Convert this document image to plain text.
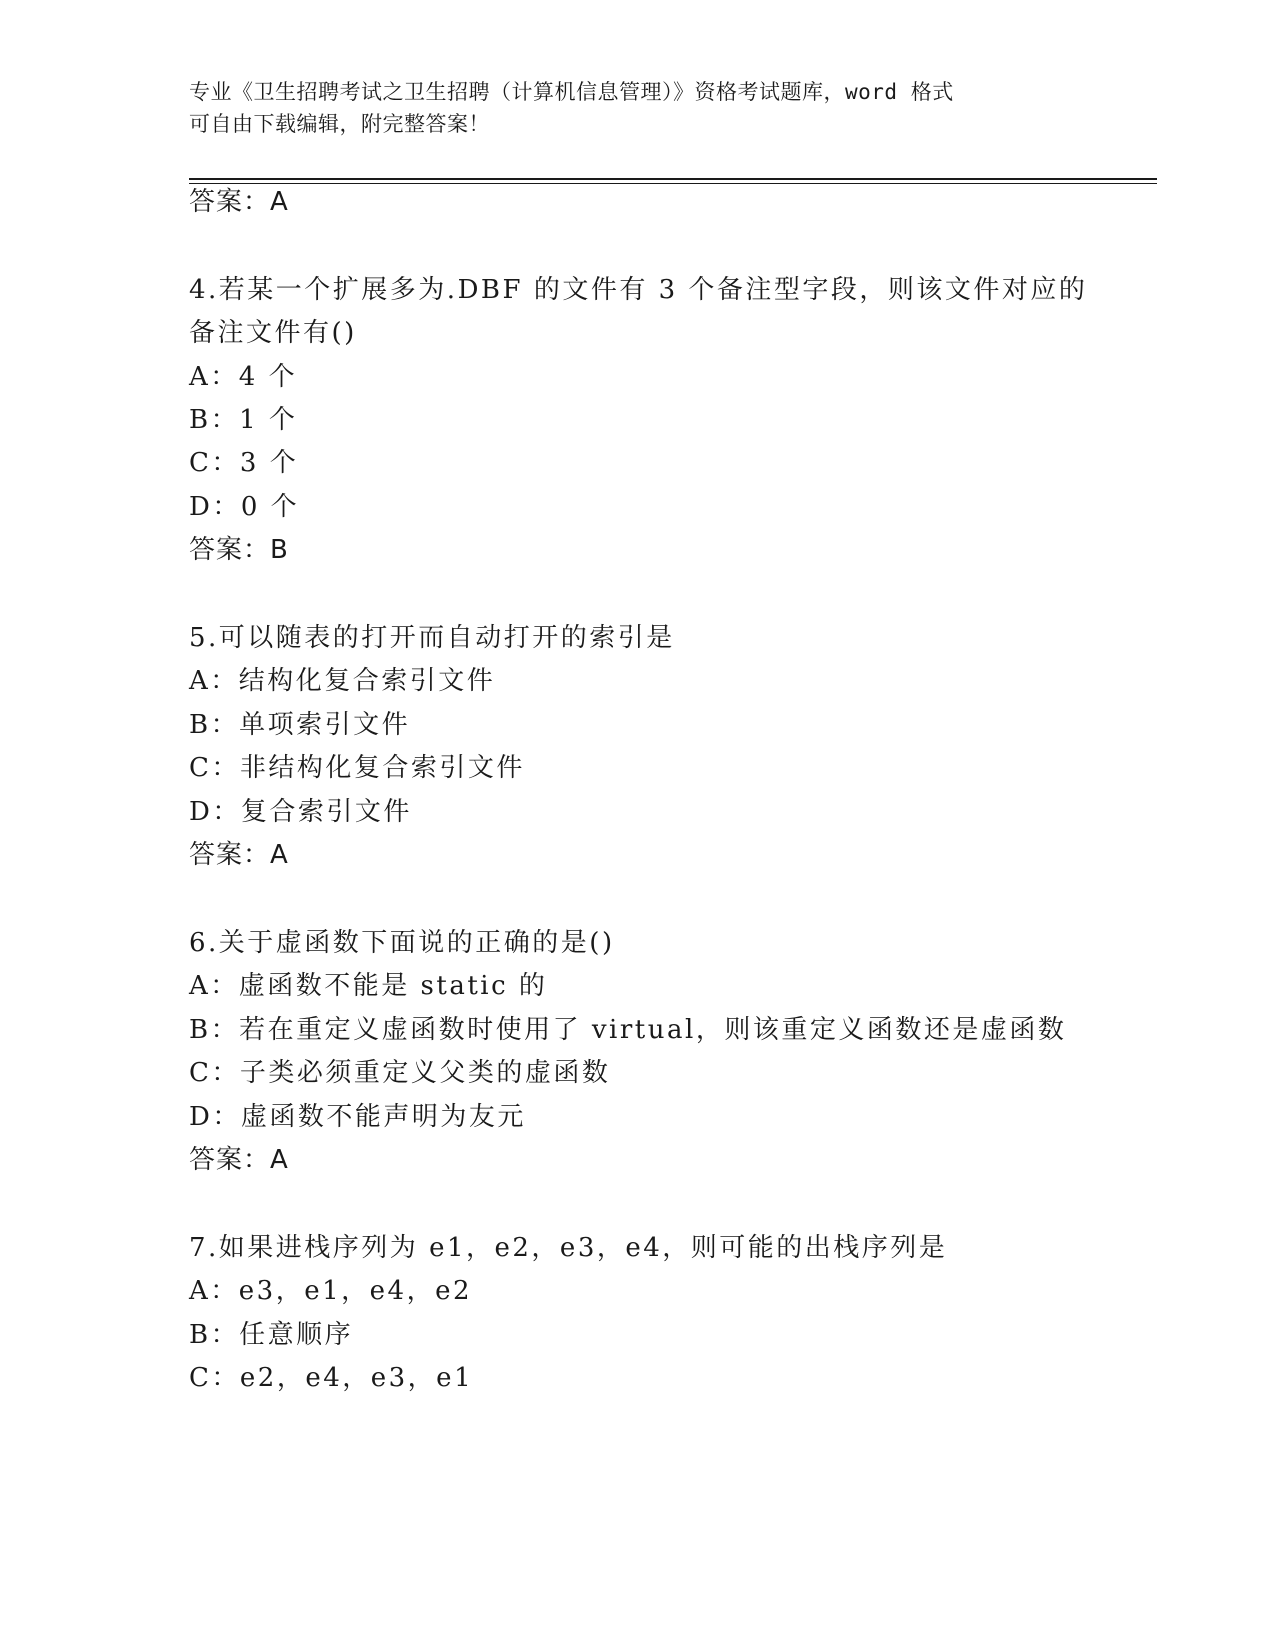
专业《卫生招聘考试之卫生招聘（计算机信息管理）》资格考试题库，word 格式
可自由下载编辑，附完整答案！
答案：A
4.若某一个扩展多为.DBF 的文件有 3 个备注型字段，则该文件对应的
备注文件有()
A：4 个
B：1 个
C：3 个
D：0 个
答案：B
5.可以随表的打开而自动打开的索引是
A：结构化复合索引文件
B：单项索引文件
C：非结构化复合索引文件
D：复合索引文件
答案：A
6.关于虚函数下面说的正确的是()
A：虚函数不能是 static 的
B：若在重定义虚函数时使用了 virtual，则该重定义函数还是虚函数
C：子类必须重定义父类的虚函数
D：虚函数不能声明为友元
答案：A
7.如果进栈序列为 e1，e2，e3，e4，则可能的出栈序列是
A：e3，e1，e4，e2
B：任意顺序
C：e2，e4，e3，e1
